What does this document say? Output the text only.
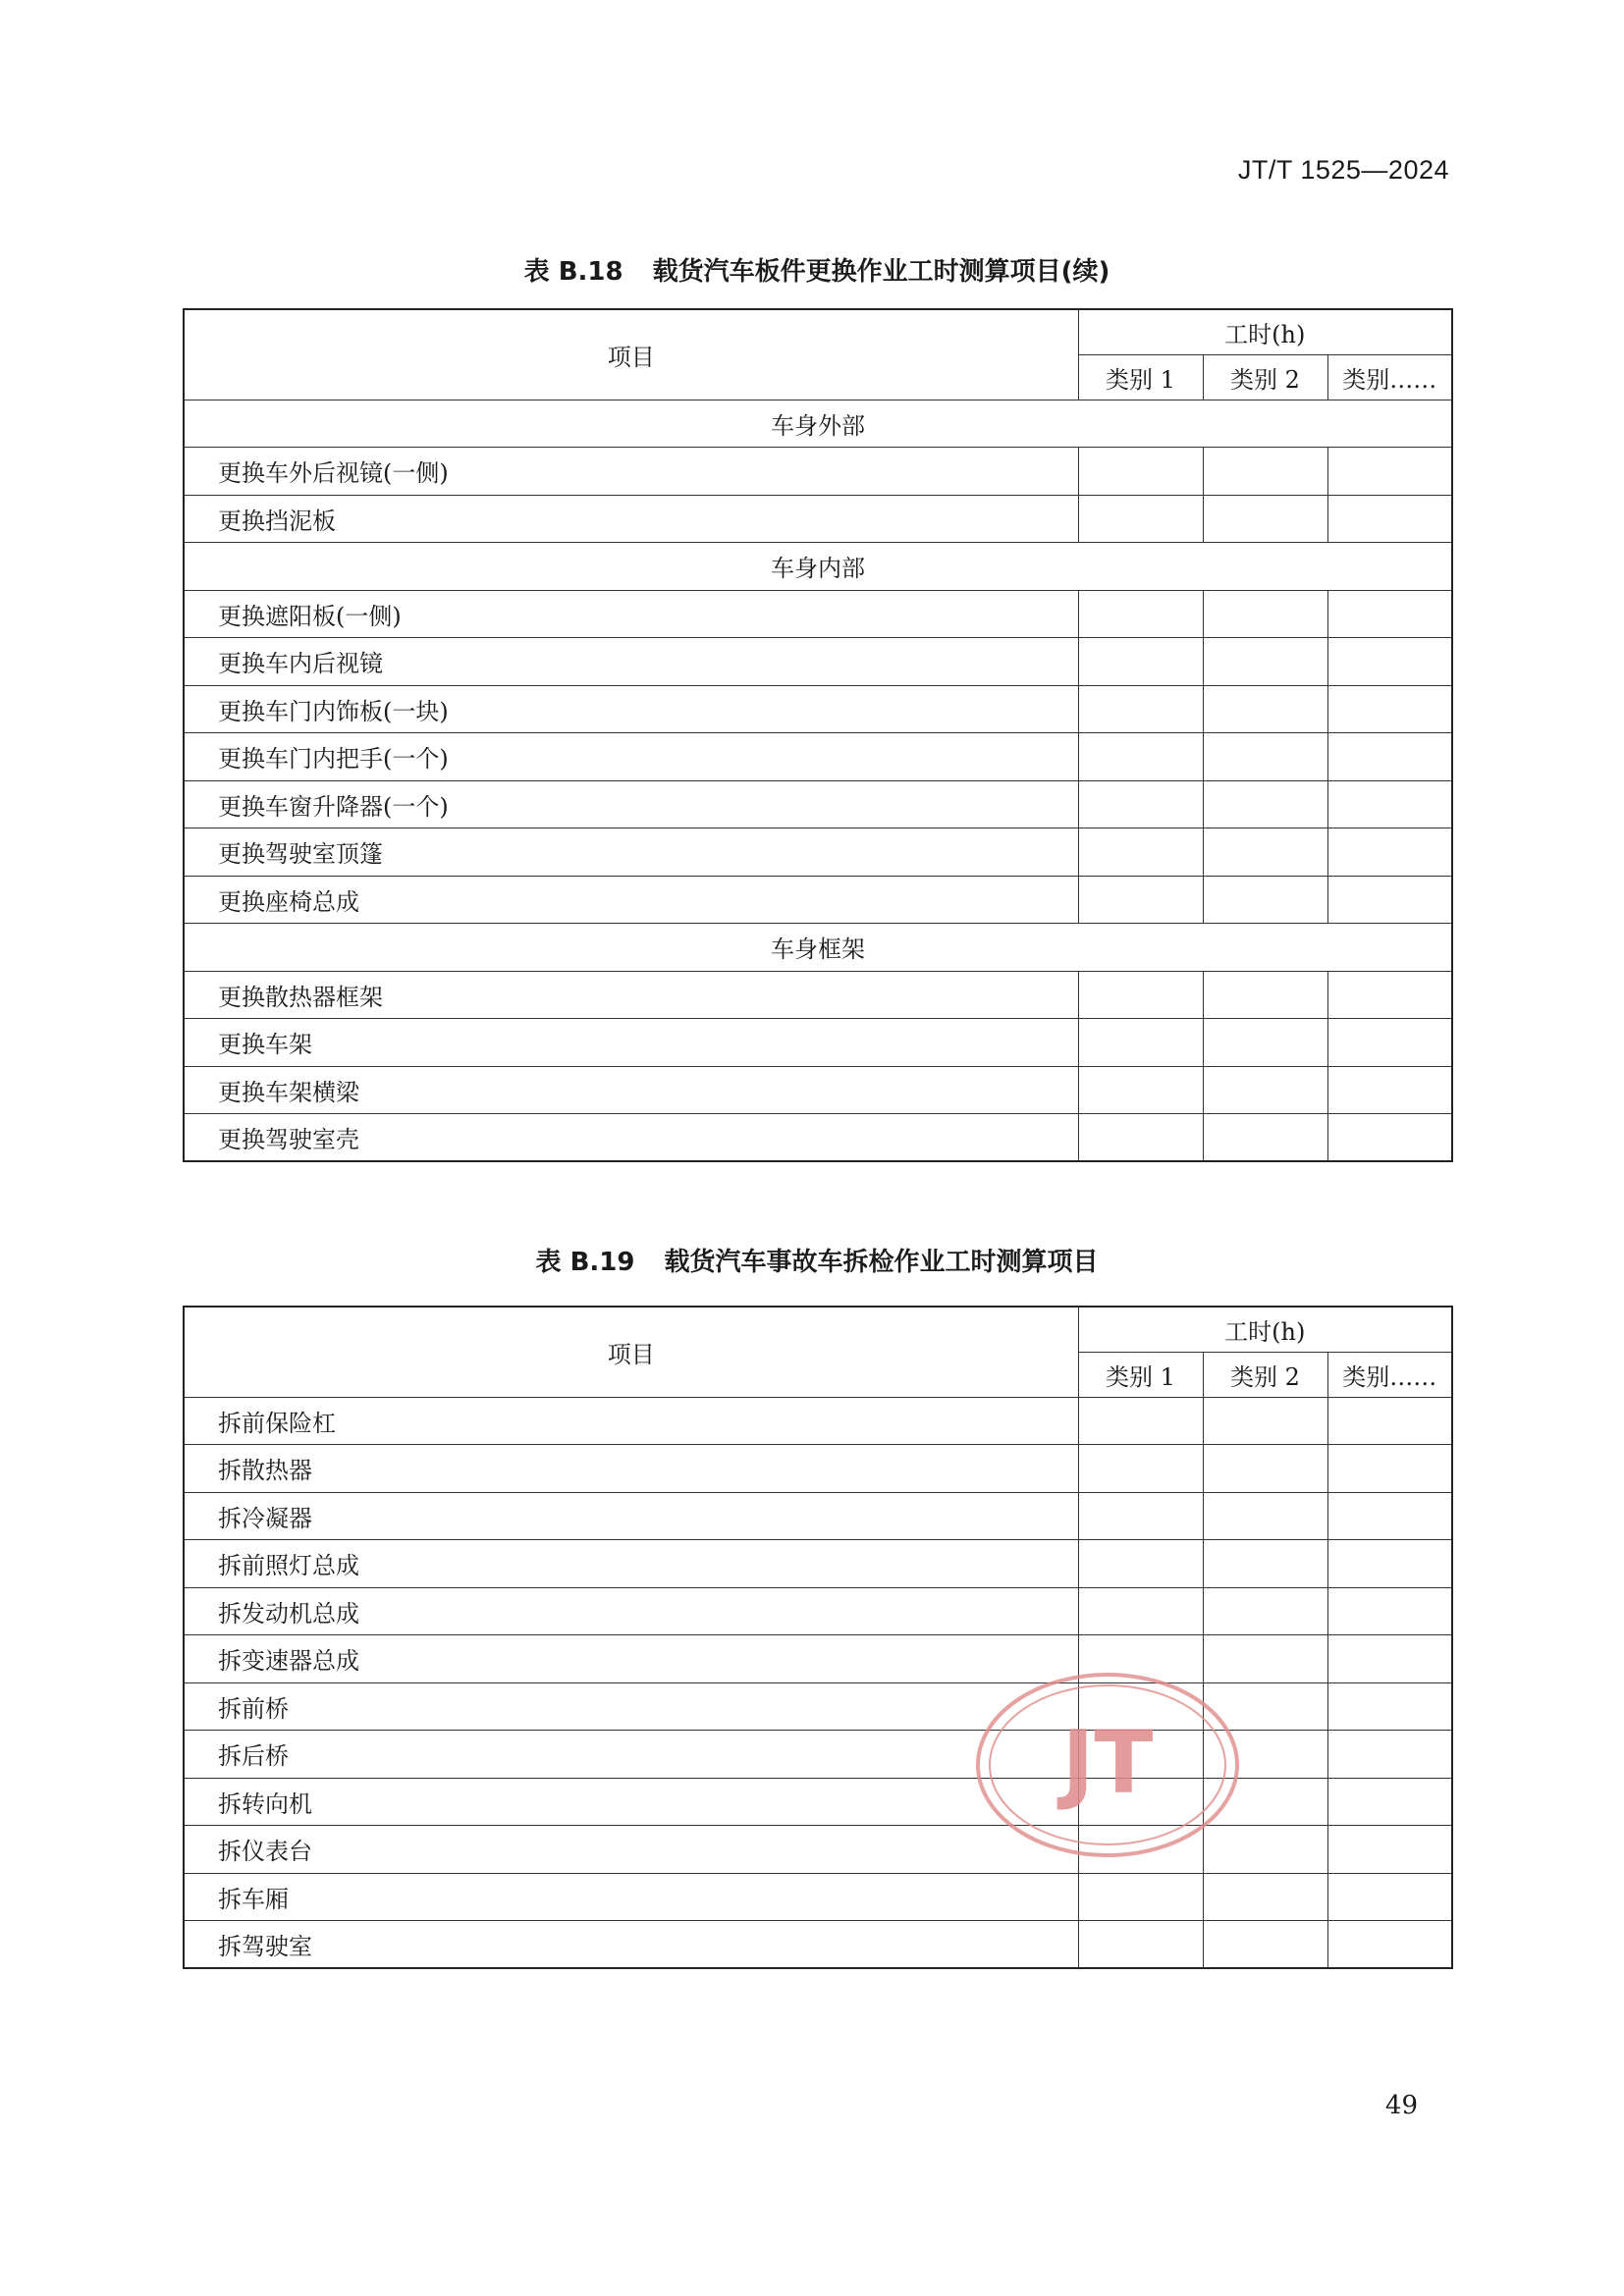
JT/T 1525—2024
表 B.18 载货汽车板件更换作业工时测算项目(续)
项目	工时(h)		
	类别 1	类别 2	类别……
车身外部			
更换车外后视镜(一侧)			
更换挡泥板			
车身内部			
更换遮阳板(一侧)			
更换车内后视镜			
更换车门内饰板(一块)			
更换车门内把手(一个)			
更换车窗升降器(一个)			
更换驾驶室顶篷			
更换座椅总成			
车身框架			
更换散热器框架			
更换车架			
更换车架横梁			
更换驾驶室壳			
表 B.19 载货汽车事故车拆检作业工时测算项目
项目	工时(h)		
	类别 1	类别 2	类别……
拆前保险杠			
拆散热器			
拆冷凝器			
拆前照灯总成			
拆发动机总成			
拆变速器总成			
拆前桥			
拆后桥			
拆转向机			
拆仪表台			
拆车厢			
拆驾驶室			
JT
49
